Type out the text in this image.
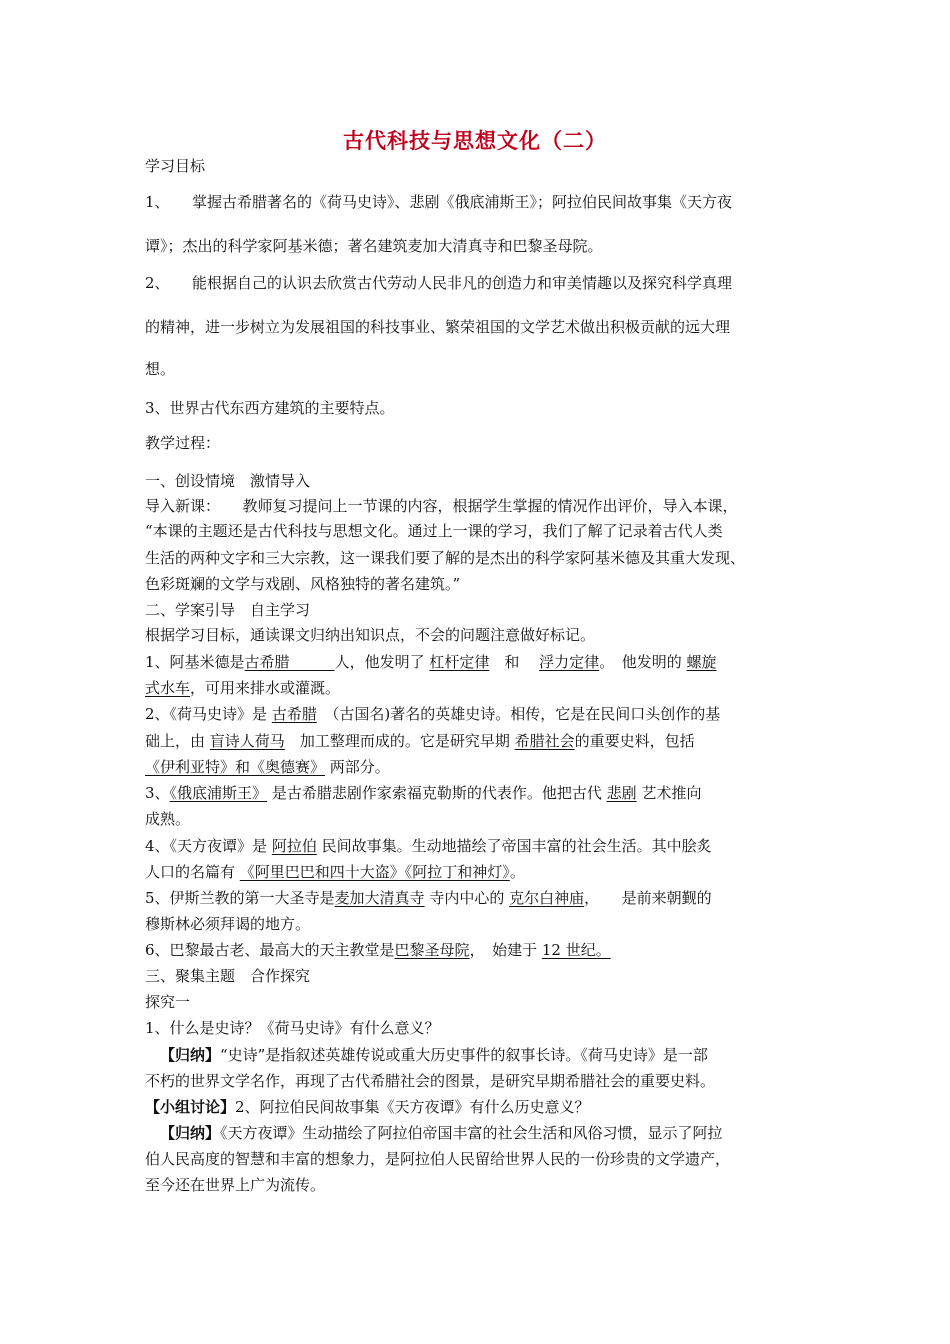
古代科技与思想文化（二）
学习目标
1、　　掌握古希腊著名的《荷马史诗》、悲剧《俄底浦斯王》；阿拉伯民间故事集《天方夜
谭》；杰出的科学家阿基米德；著名建筑麦加大清真寺和巴黎圣母院。
2、　　能根据自己的认识去欣赏古代劳动人民非凡的创造力和审美情趣以及探究科学真理
的精神，进一步树立为发展祖国的科技事业、繁荣祖国的文学艺术做出积极贡献的远大理
想。
3、世界古代东西方建筑的主要特点。
教学过程：
一、创设情境　激情导入
导入新课：　　教师复习提问上一节课的内容，根据学生掌握的情况作出评价，导入本课，
“本课的主题还是古代科技与思想文化。通过上一课的学习，我们了解了记录着古代人类
生活的两种文字和三大宗教，这一课我们要了解的是杰出的科学家阿基米德及其重大发现、
色彩斑斓的文学与戏剧、风格独特的著名建筑。”
二、学案引导　自主学习
根据学习目标，通读课文归纳出知识点，不会的问题注意做好标记。
1、阿基米德是古希腊　　　人，他发明了 杠杆定律　和　 浮力定律。　他发明的 螺旋
式水车，可用来排水或灌溉。
2、《荷马史诗》是 古希腊　（古国名)著名的英雄史诗。相传，它是在民间口头创作的基
础上，由 盲诗人荷马　加工整理而成的。它是研究早期 希腊社会的重要史料，包括
《伊利亚特》和《奥德赛》 两部分。
3、《俄底浦斯王》 是古希腊悲剧作家索福克勒斯的代表作。他把古代 悲剧 艺术推向
成熟。
4、《天方夜谭》是 阿拉伯 民间故事集。生动地描绘了帝国丰富的社会生活。其中脍炙
人口的名篇有 《阿里巴巴和四十大盗》《阿拉丁和神灯》。
5、伊斯兰教的第一大圣寺是麦加大清真寺 寺内中心的 克尔白神庙，　　是前来朝觐的
穆斯林必须拜谒的地方。
6、巴黎最古老、最高大的天主教堂是巴黎圣母院，　始建于 12 世纪。
三、聚集主题　合作探究
探究一
1、什么是史诗？《荷马史诗》有什么意义？
【归纳】“史诗”是指叙述英雄传说或重大历史事件的叙事长诗。《荷马史诗》是一部
不朽的世界文学名作，再现了古代希腊社会的图景，是研究早期希腊社会的重要史料。
【小组讨论】2、阿拉伯民间故事集《天方夜谭》有什么历史意义？
【归纳】《天方夜谭》生动描绘了阿拉伯帝国丰富的社会生活和风俗习惯，显示了阿拉
伯人民高度的智慧和丰富的想象力，是阿拉伯人民留给世界人民的一份珍贵的文学遗产，
至今还在世界上广为流传。
